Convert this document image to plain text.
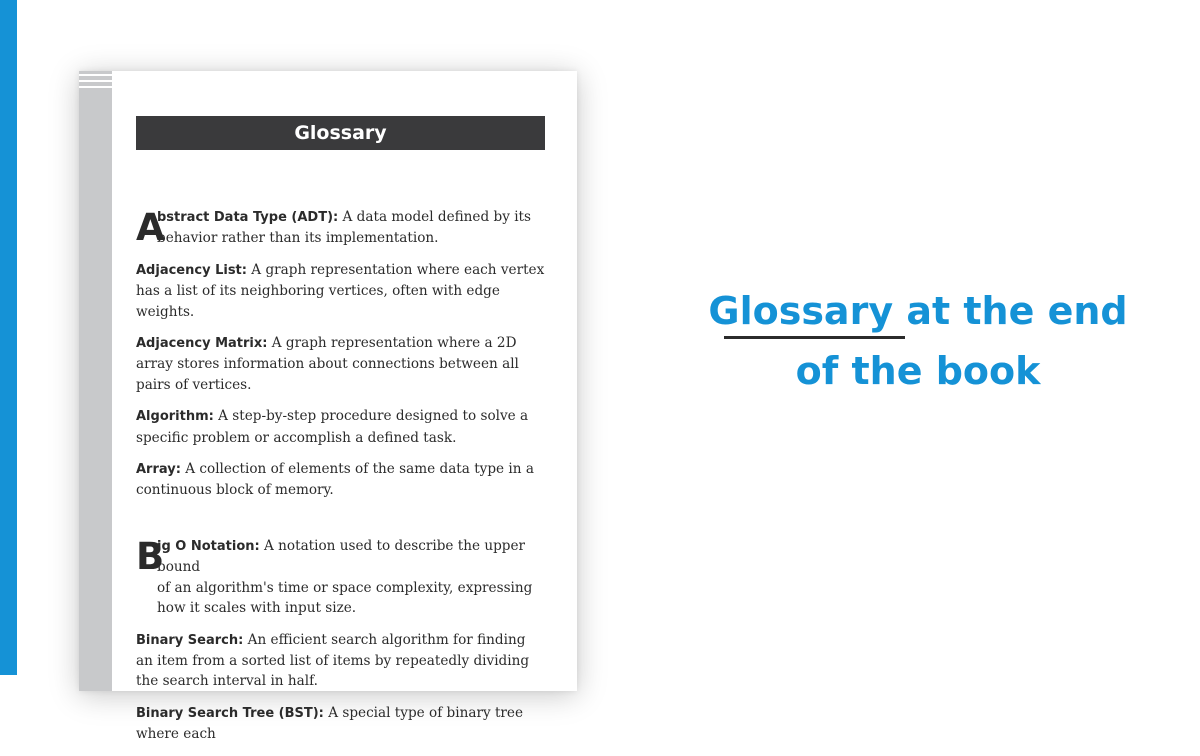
Glossary
A
bstract Data Type (ADT): A data model defined by its
behavior rather than its implementation.
Adjacency List: A graph representation where each vertex has a list of its neighboring vertices, often with edge weights.
Adjacency Matrix: A graph representation where a 2D array stores information about connections between all pairs of vertices.
Algorithm: A step-by-step procedure designed to solve a specific problem or accomplish a defined task.
Array: A collection of elements of the same data type in a continuous block of memory.
B
ig O Notation: A notation used to describe the upper bound
of an algorithm's time or space complexity, expressing how it scales with input size.
Binary Search: An efficient search algorithm for finding an item from a sorted list of items by repeatedly dividing the search interval in half.
Binary Search Tree (BST): A special type of binary tree where each
Glossary at the end
of the book
